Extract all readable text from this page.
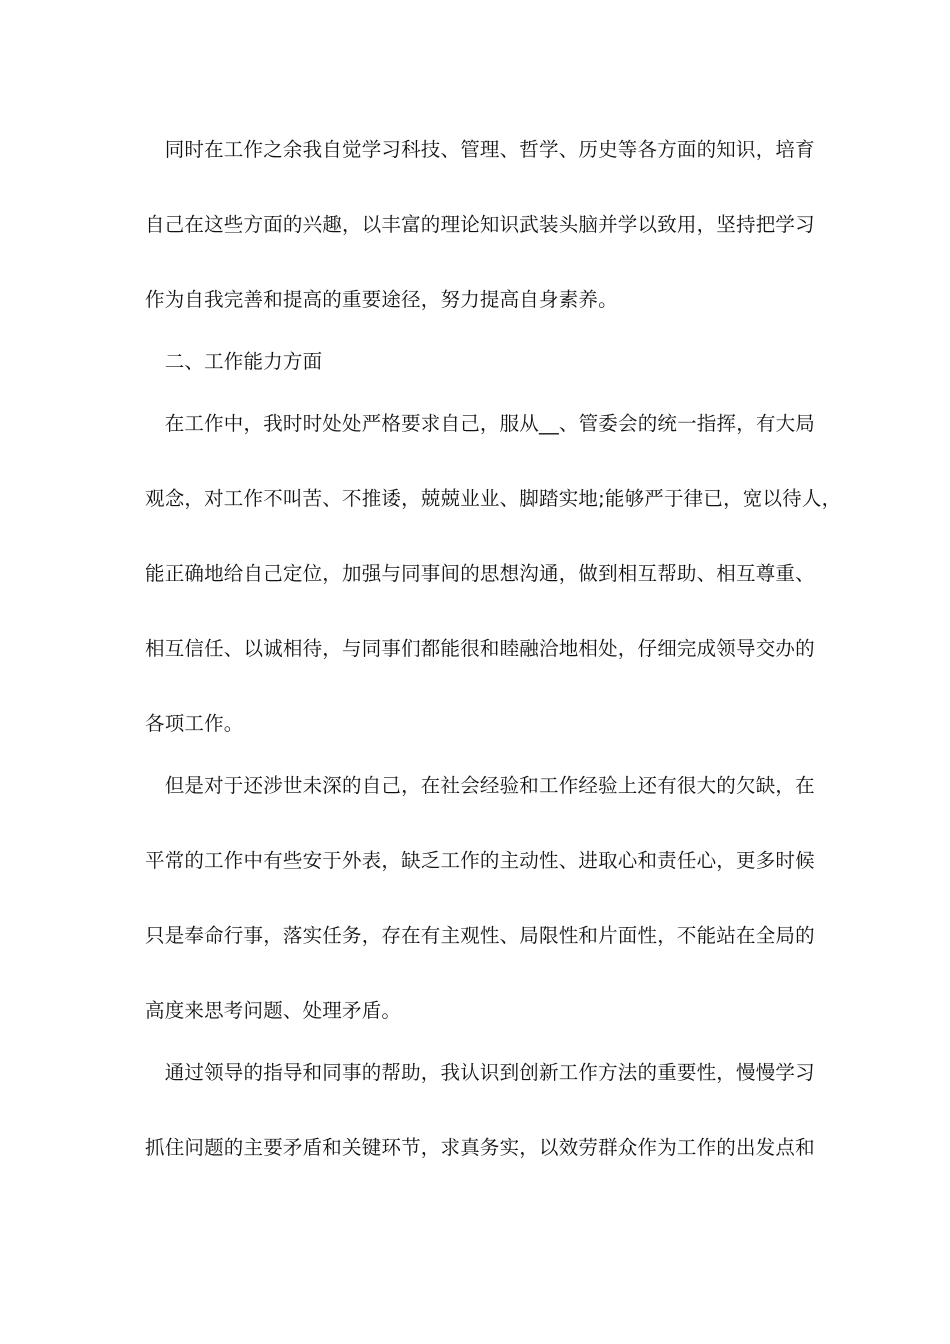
　同时在工作之余我自觉学习科技、管理、哲学、历史等各方面的知识，培育
自己在这些方面的兴趣，以丰富的理论知识武装头脑并学以致用，坚持把学习
作为自我完善和提高的重要途径，努力提高自身素养。
　二、工作能力方面
　在工作中，我时时处处严格要求自己，服从__、管委会的统一指挥，有大局
观念，对工作不叫苦、不推诿，兢兢业业、脚踏实地;能够严于律已，宽以待人，
能正确地给自己定位，加强与同事间的思想沟通，做到相互帮助、相互尊重、
相互信任、以诚相待，与同事们都能很和睦融洽地相处，仔细完成领导交办的
各项工作。
　但是对于还涉世未深的自己，在社会经验和工作经验上还有很大的欠缺，在
平常的工作中有些安于外表，缺乏工作的主动性、进取心和责任心，更多时候
只是奉命行事，落实任务，存在有主观性、局限性和片面性，不能站在全局的
高度来思考问题、处理矛盾。
　通过领导的指导和同事的帮助，我认识到创新工作方法的重要性，慢慢学习
抓住问题的主要矛盾和关键环节，求真务实，以效劳群众作为工作的出发点和
